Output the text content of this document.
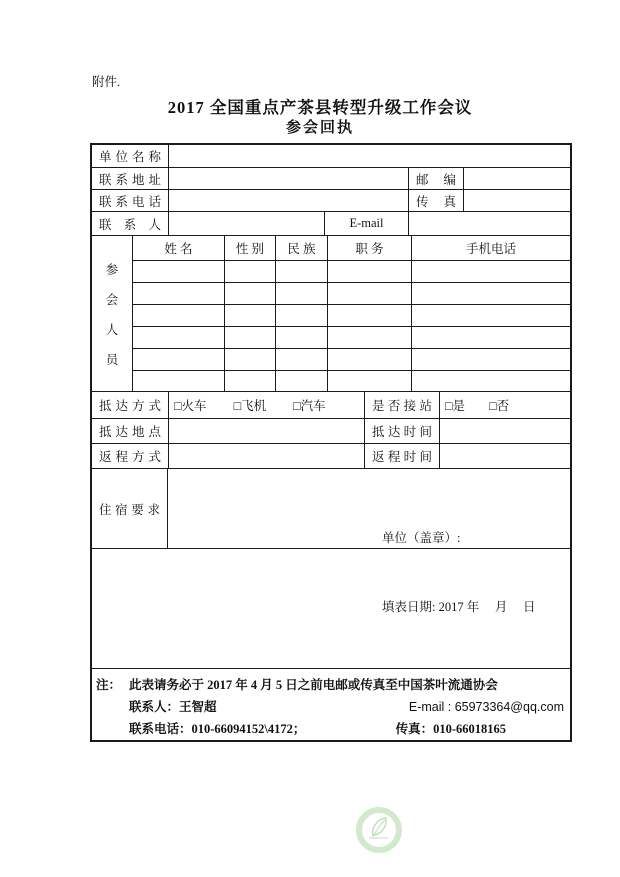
附件.
2017 全国重点产茶县转型升级工作会议
参会回执
单位名称
联系地址	邮 编
联系电话	传 真
联 系 人	E-mail
参
会
人
员
姓 名	性 别	民 族	职 务	手机电话
抵达方式	□火车 □飞机 □汽车	是否接站	□是 □否
抵达地点	抵达时间
返程方式	返程时间
住宿要求

单位（盖章）:

填表日期: 2017 年　 月　 日

注： 此表请务必于 2017 年 4 月 5 日之前电邮或传真至中国茶叶流通协会
联系人：王智超	E-mail : 65973364@qq.com
联系电话：010-66094152\4172；	传真：010-66018165
